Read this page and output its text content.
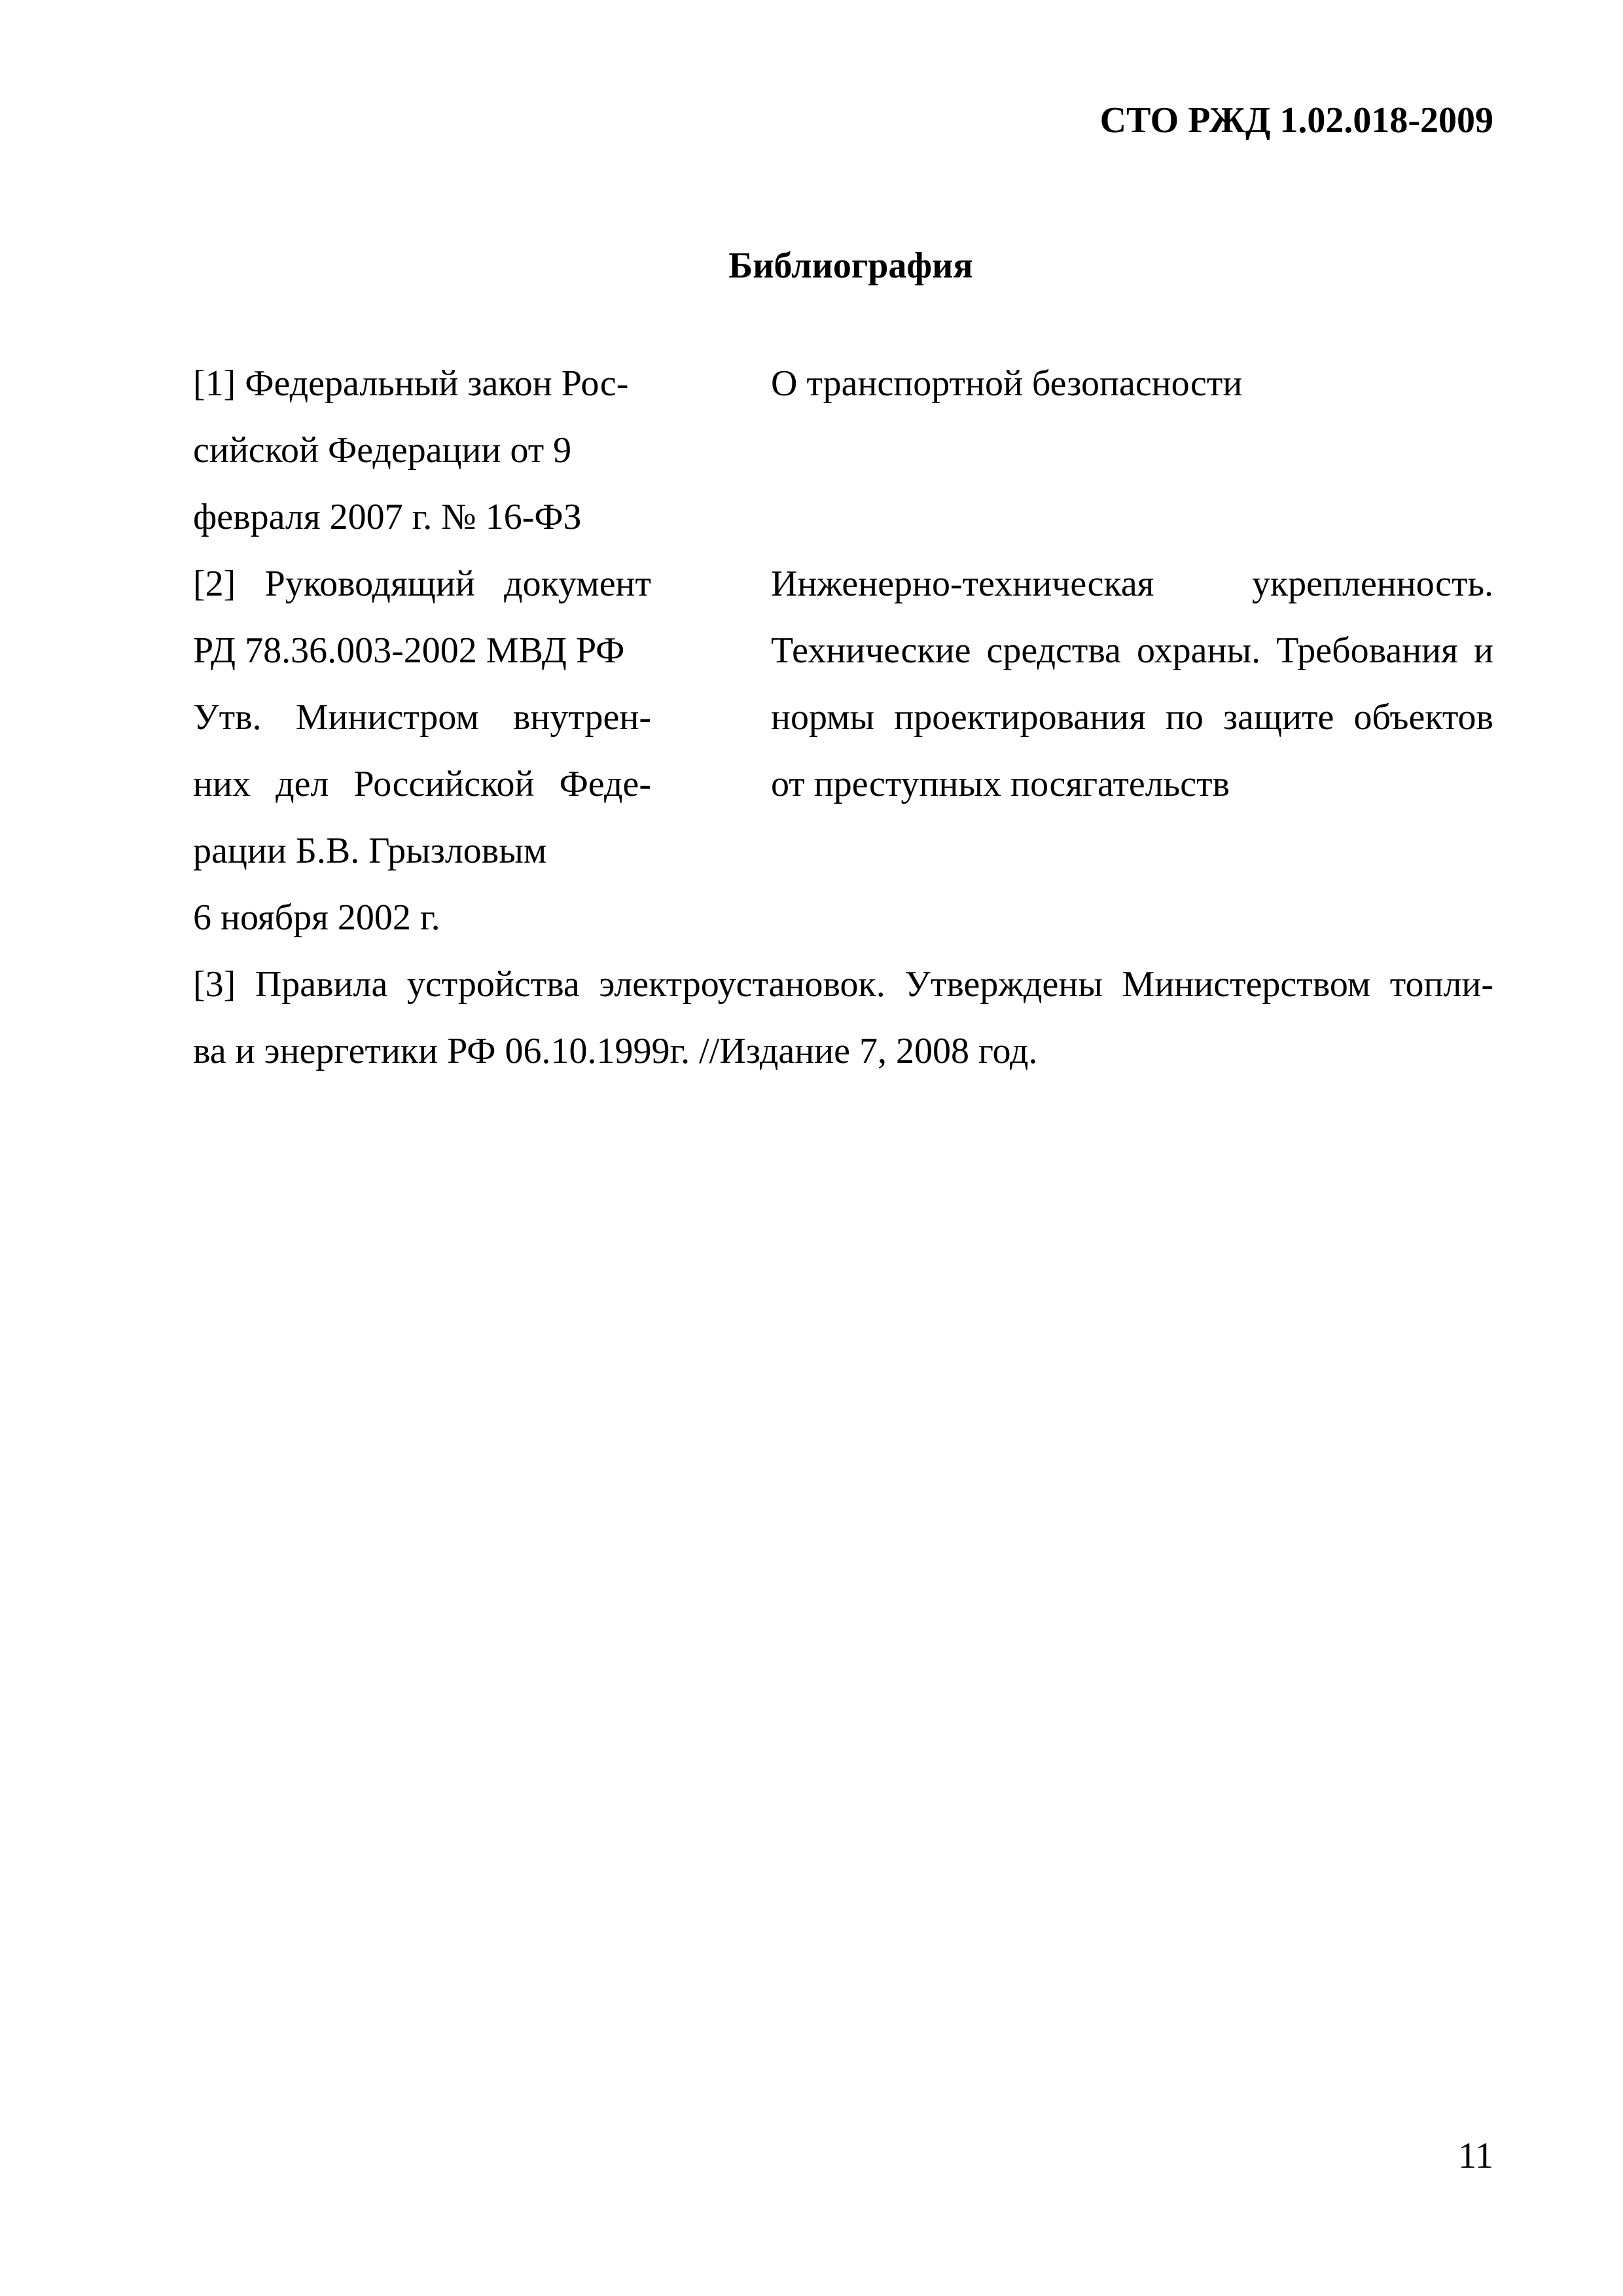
СТО РЖД 1.02.018-2009
Библиография
[1] Федеральный закон Рос-
сийской Федерации от 9
февраля 2007 г. № 16-ФЗ
О транспортной безопасности
[2] Руководящий документ
РД 78.36.003-2002 МВД РФ
Утв. Министром внутрен-
них дел Российской Феде-
рации Б.В. Грызловым
6 ноября 2002 г.
Инженерно-техническая укрепленность.
Технические средства охраны. Требования и
нормы проектирования по защите объектов
от преступных посягательств
[3] Правила устройства электроустановок. Утверждены Министерством топли-
ва и энергетики РФ 06.10.1999г. //Издание 7, 2008 год.
11
